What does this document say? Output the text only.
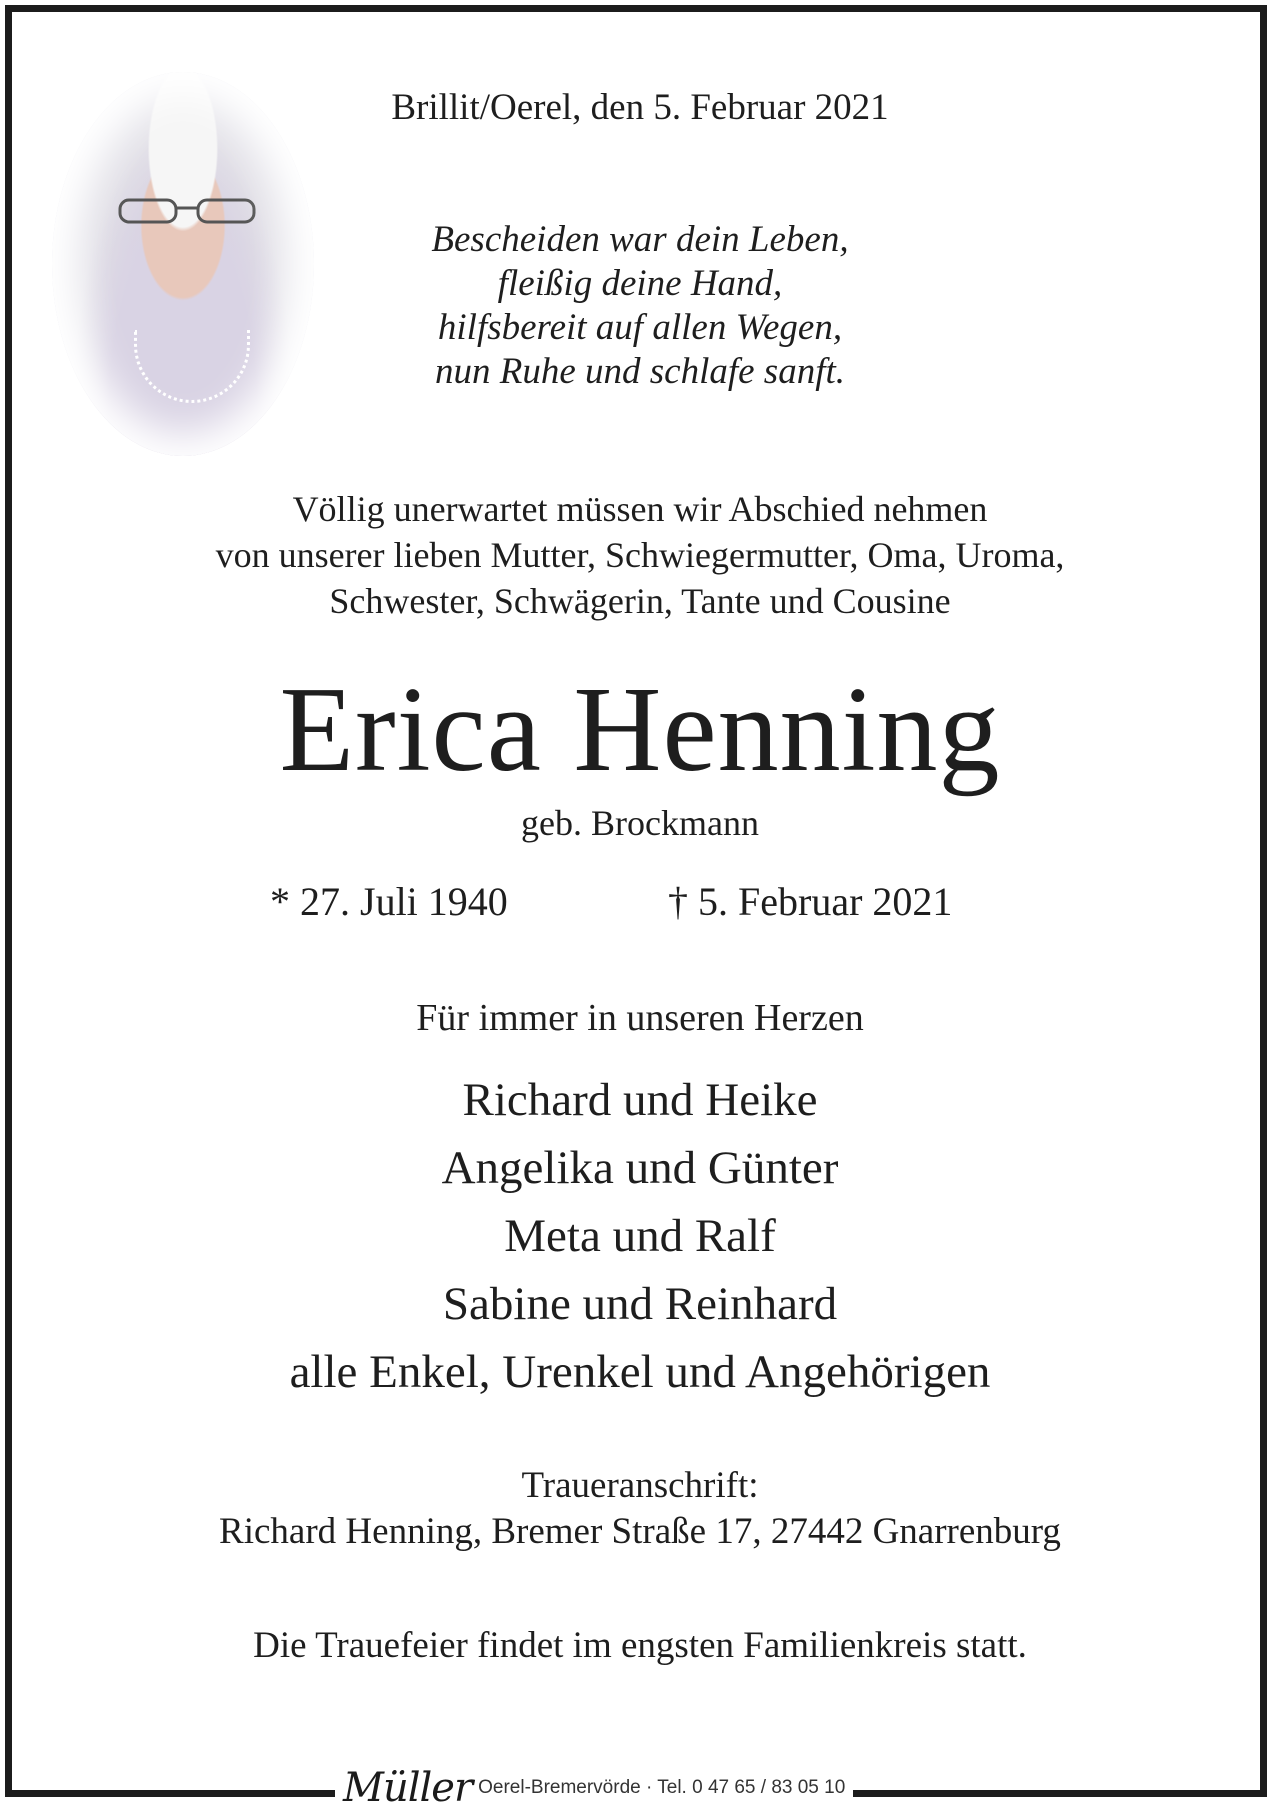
Brillit/Oerel, den 5. Februar 2021
Bescheiden war dein Leben,
fleißig deine Hand,
hilfsbereit auf allen Wegen,
nun Ruhe und schlafe sanft.
Völlig unerwartet müssen wir Abschied nehmen
von unserer lieben Mutter, Schwiegermutter, Oma, Uroma,
Schwester, Schwägerin, Tante und Cousine
Erica Henning
geb. Brockmann
* 27. Juli 1940	† 5. Februar 2021
Für immer in unseren Herzen
Richard und Heike
Angelika und Günter
Meta und Ralf
Sabine und Reinhard
alle Enkel, Urenkel und Angehörigen
Traueranschrift:
Richard Henning, Bremer Straße 17, 27442 Gnarrenburg
Die Trauefeier findet im engsten Familienkreis statt.
Müller Oerel-Bremervörde · Tel. 0 47 65 / 83 05 10
